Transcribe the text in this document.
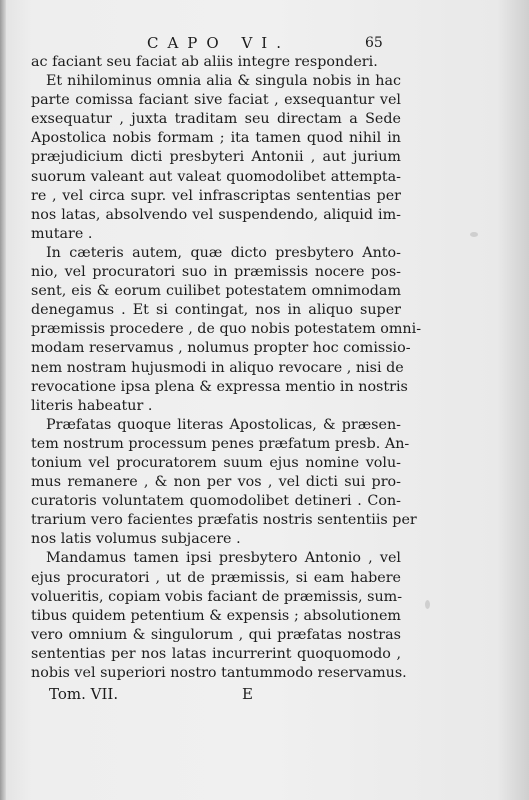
CAPO VI.	65
ac faciant seu faciat ab aliis integre responderi.
Et nihilominus omnia alia & singula nobis in hac
parte comissa faciant sive faciat , exsequantur vel
exsequatur , juxta traditam seu directam a Sede
Apostolica nobis formam ; ita tamen quod nihil in
præjudicium dicti presbyteri Antonii , aut jurium
suorum valeant aut valeat quomodolibet attempta-
re , vel circa supr. vel infrascriptas sententias per
nos latas, absolvendo vel suspendendo, aliquid im-
mutare .
In cæteris autem, quæ dicto presbytero Anto-
nio, vel procuratori suo in præmissis nocere pos-
sent, eis & eorum cuilibet potestatem omnimodam
denegamus . Et si contingat, nos in aliquo super
præmissis procedere , de quo nobis potestatem omni-
modam reservamus , nolumus propter hoc comissio-
nem nostram hujusmodi in aliquo revocare , nisi de
revocatione ipsa plena & expressa mentio in nostris
literis habeatur .
Præfatas quoque literas Apostolicas, & præsen-
tem nostrum processum penes præfatum presb. An-
tonium vel procuratorem suum ejus nomine volu-
mus remanere , & non per vos , vel dicti sui pro-
curatoris voluntatem quomodolibet detineri . Con-
trarium vero facientes præfatis nostris sententiis per
nos latis volumus subjacere .
Mandamus tamen ipsi presbytero Antonio , vel
ejus procuratori , ut de præmissis, si eam habere
volueritis, copiam vobis faciant de præmissis, sum-
tibus quidem petentium & expensis ; absolutionem
vero omnium & singulorum , qui præfatas nostras
sententias per nos latas incurrerint quoquomodo ,
nobis vel superiori nostro tantummodo reservamus.
Tom. VII.	E
